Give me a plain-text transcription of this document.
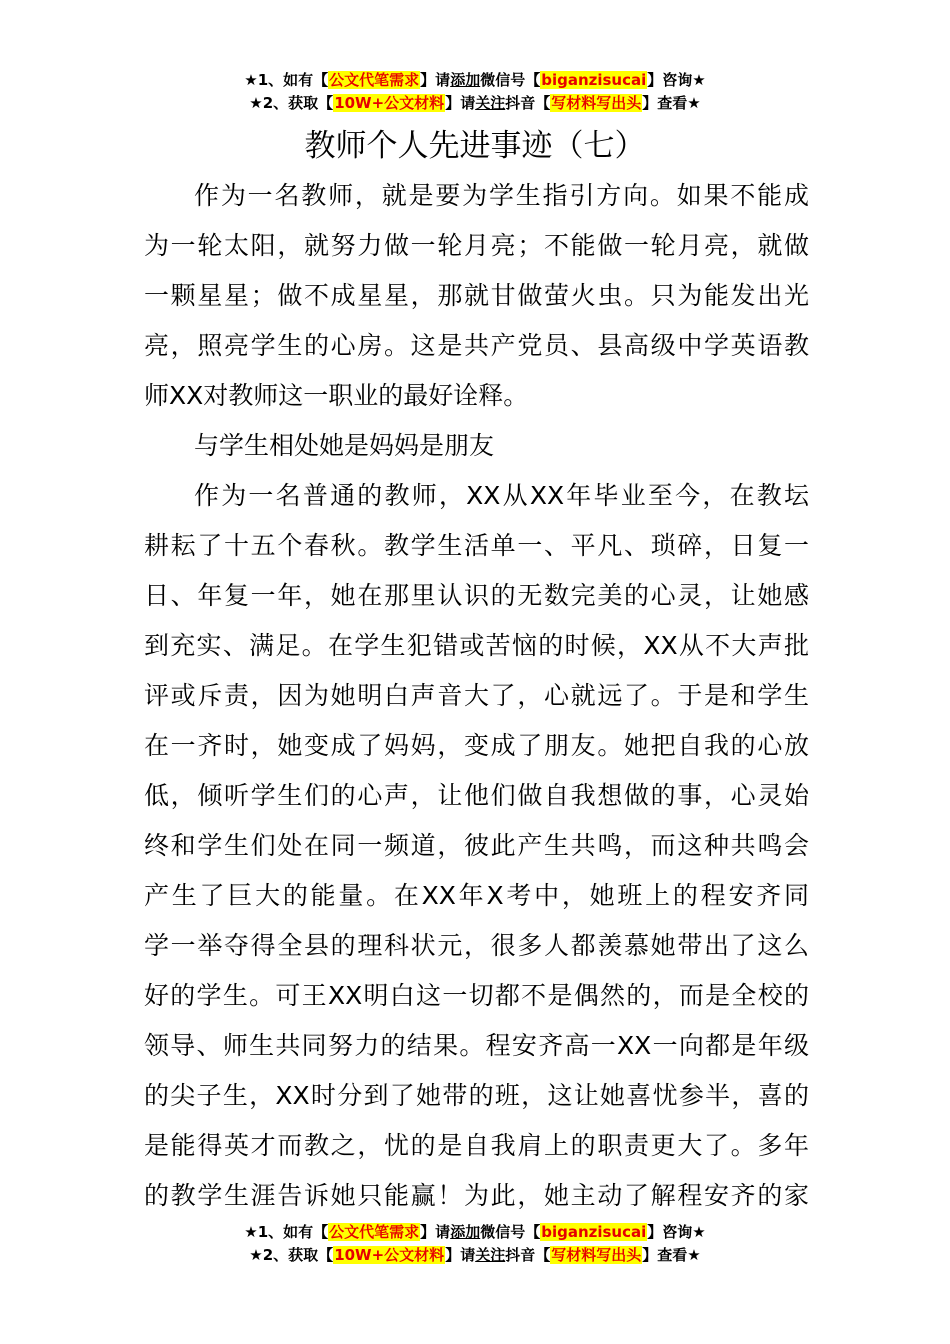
★1、如有【公文代笔需求】请添加微信号【biganzisucai】咨询★
★2、获取【10W+公文材料】请关注抖音【写材料写出头】查看★
教师个人先进事迹（七）

作为一名教师，就是要为学生指引方向。如果不能成
为一轮太阳，就努力做一轮月亮；不能做一轮月亮，就做
一颗星星；做不成星星，那就甘做萤火虫。只为能发出光
亮，照亮学生的心房。这是共产党员、县高级中学英语教
师XX对教师这一职业的最好诠释。

与学生相处她是妈妈是朋友

作为一名普通的教师，XX从XX年毕业至今，在教坛
耕耘了十五个春秋。教学生活单一、平凡、琐碎，日复一
日、年复一年，她在那里认识的无数完美的心灵，让她感
到充实、满足。在学生犯错或苦恼的时候，XX从不大声批
评或斥责，因为她明白声音大了，心就远了。于是和学生
在一齐时，她变成了妈妈，变成了朋友。她把自我的心放
低，倾听学生们的心声，让他们做自我想做的事，心灵始
终和学生们处在同一频道，彼此产生共鸣，而这种共鸣会
产生了巨大的能量。在XX年X考中，她班上的程安齐同
学一举夺得全县的理科状元，很多人都羡慕她带出了这么
好的学生。可王XX明白这一切都不是偶然的，而是全校的
领导、师生共同努力的结果。程安齐高一XX一向都是年级
的尖子生，XX时分到了她带的班，这让她喜忧参半，喜的
是能得英才而教之，忧的是自我肩上的职责更大了。多年
的教学生涯告诉她只能赢！为此，她主动了解程安齐的家

★1、如有【公文代笔需求】请添加微信号【biganzisucai】咨询★
★2、获取【10W+公文材料】请关注抖音【写材料写出头】查看★
